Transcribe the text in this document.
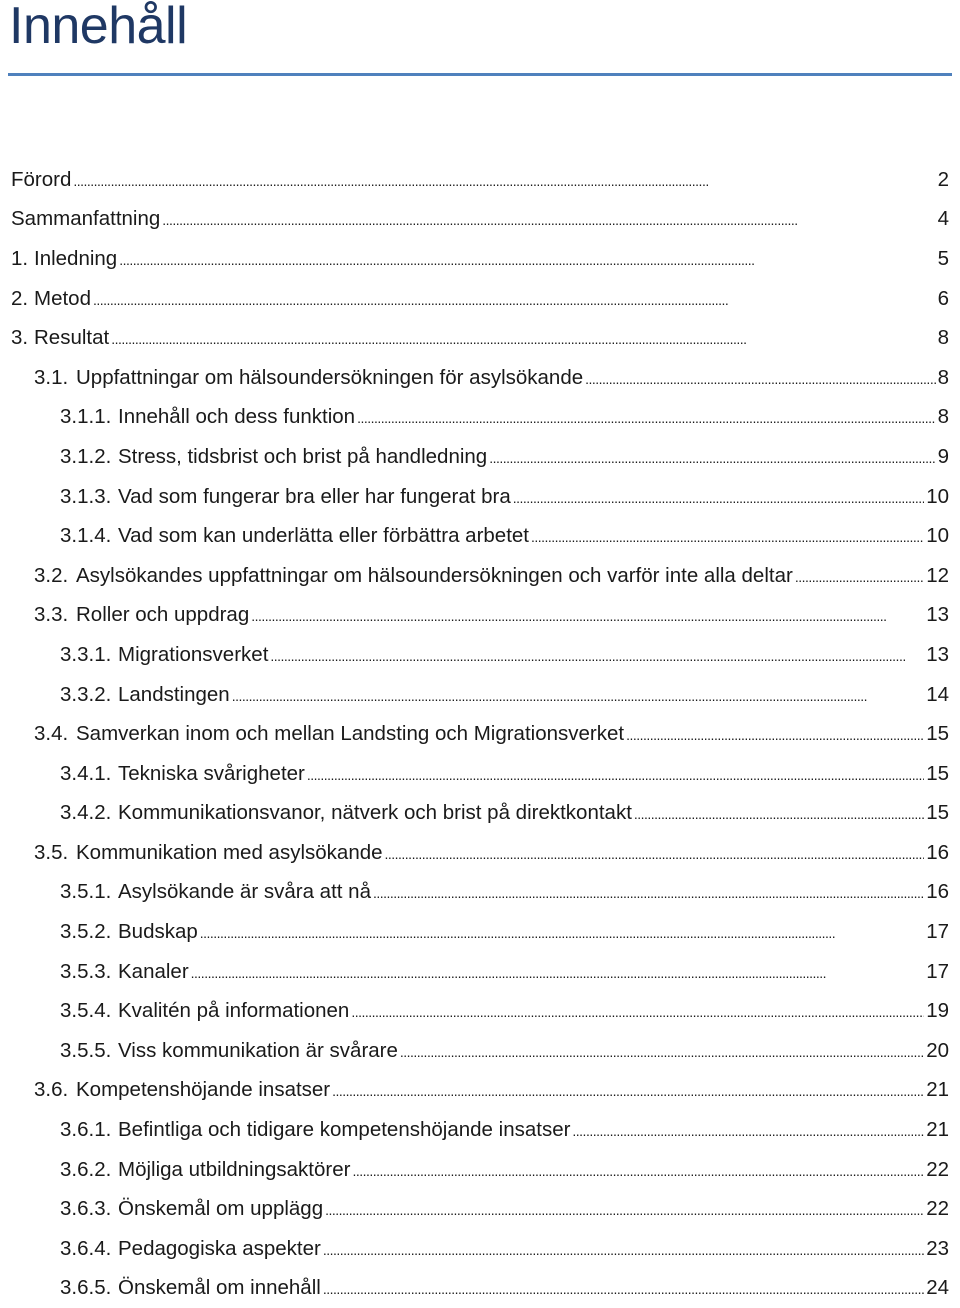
Innehåll
Förord . . .	2
Sammanfattning . . .	4
1. Inledning . . .	5
2. Metod . . .	6
3. Resultat . . .	8
3.1. Uppfattningar om hälsoundersökningen för asylsökande . . .	8
3.1.1. Innehåll och dess funktion . . .	8
3.1.2. Stress, tidsbrist och brist på handledning . . .	9
3.1.3. Vad som fungerar bra eller har fungerat bra . . .	10
3.1.4. Vad som kan underlätta eller förbättra arbetet . . .	10
3.2. Asylsökandes uppfattningar om hälsoundersökningen och varför inte alla deltar . . .	12
3.3. Roller och uppdrag . . .	13
3.3.1. Migrationsverket . . .	13
3.3.2. Landstingen . . .	14
3.4. Samverkan inom och mellan Landsting och Migrationsverket . . .	15
3.4.1. Tekniska svårigheter . . .	15
3.4.2. Kommunikationsvanor, nätverk och brist på direktkontakt . . .	15
3.5. Kommunikation med asylsökande . . .	16
3.5.1. Asylsökande är svåra att nå . . .	16
3.5.2. Budskap . . .	17
3.5.3. Kanaler . . .	17
3.5.4. Kvalitén på informationen . . .	19
3.5.5. Viss kommunikation är svårare . . .	20
3.6. Kompetenshöjande insatser . . .	21
3.6.1. Befintliga och tidigare kompetenshöjande insatser . . .	21
3.6.2. Möjliga utbildningsaktörer . . .	22
3.6.3. Önskemål om upplägg . . .	22
3.6.4. Pedagogiska aspekter . . .	23
3.6.5. Önskemål om innehåll . . .	24
